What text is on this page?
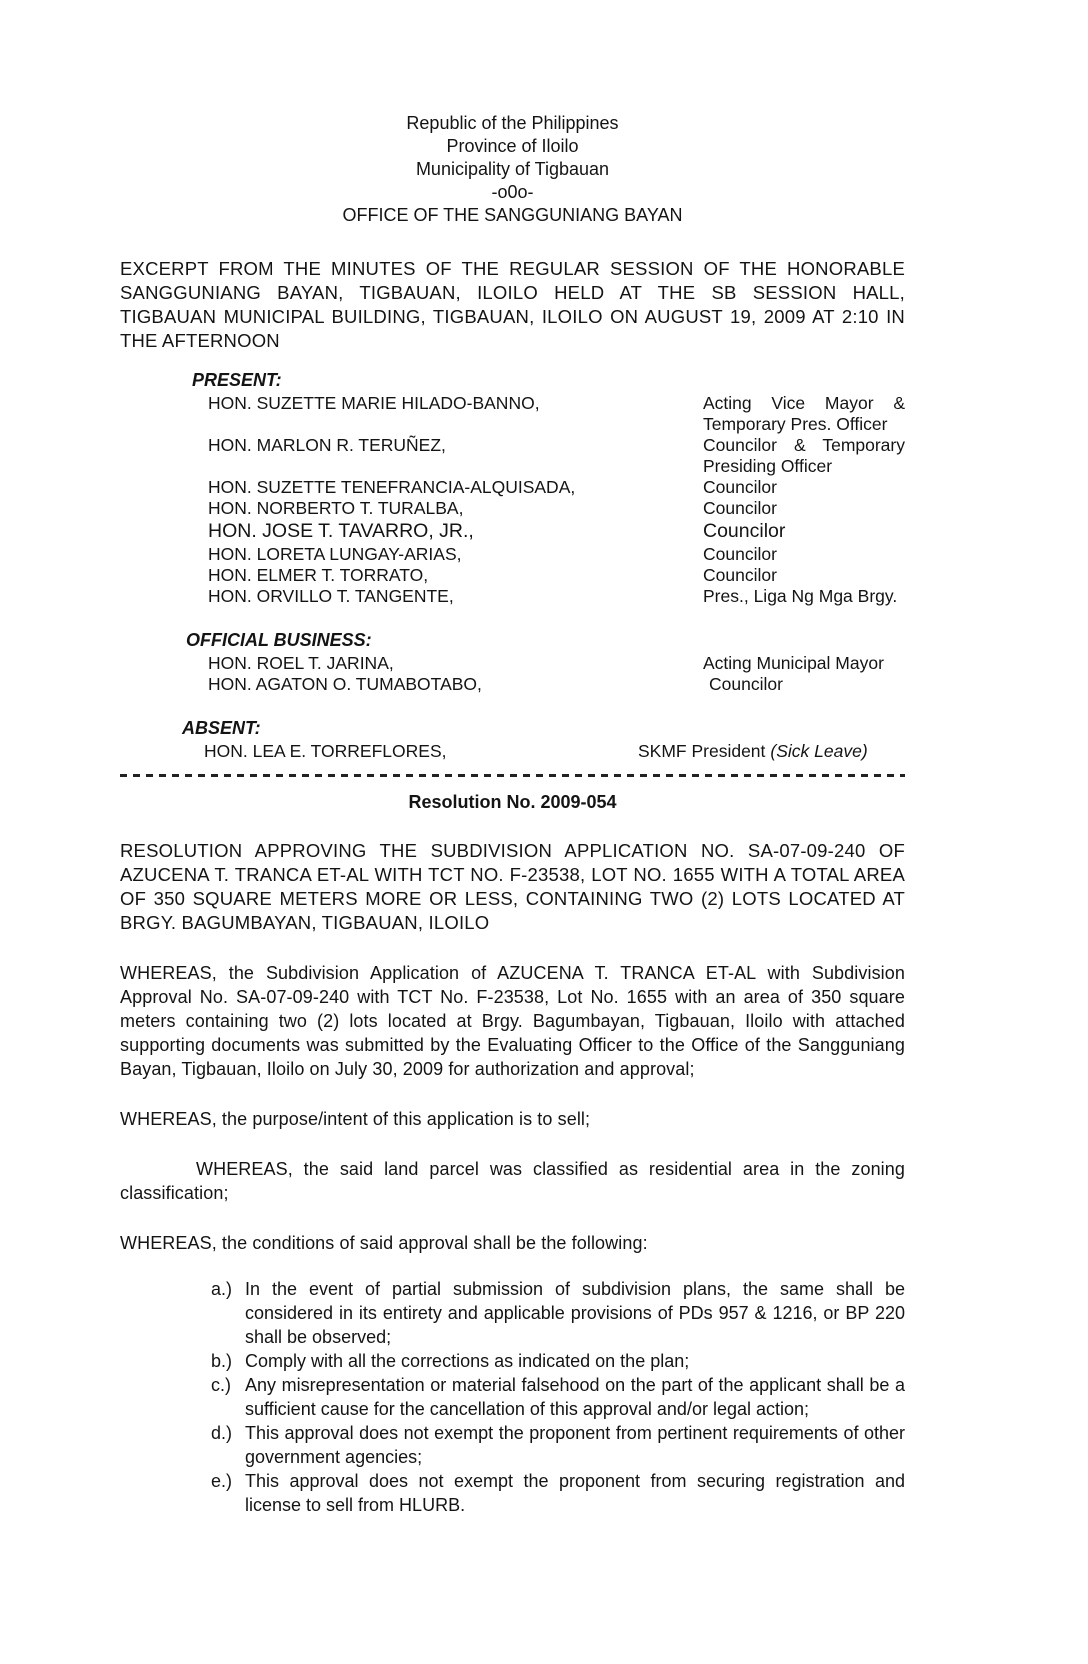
Republic of the Philippines
Province of Iloilo
Municipality of Tigbauan
-o0o-
OFFICE OF THE SANGGUNIANG BAYAN
EXCERPT FROM THE MINUTES OF THE REGULAR SESSION OF THE HONORABLE SANGGUNIANG BAYAN, TIGBAUAN, ILOILO HELD AT THE SB SESSION HALL, TIGBAUAN MUNICIPAL BUILDING, TIGBAUAN, ILOILO ON AUGUST 19, 2009 AT 2:10 IN THE AFTERNOON
PRESENT:
HON. SUZETTE MARIE HILADO-BANNO,	Acting Vice Mayor & Temporary Pres. Officer
HON. MARLON R. TERUÑEZ,	Councilor & Temporary Presiding Officer
HON. SUZETTE TENEFRANCIA-ALQUISADA,	Councilor
HON. NORBERTO T. TURALBA,	Councilor
HON. JOSE T. TAVARRO, JR.,	Councilor
HON. LORETA LUNGAY-ARIAS,	Councilor
HON. ELMER T. TORRATO,	Councilor
HON. ORVILLO T. TANGENTE,	Pres., Liga Ng Mga Brgy.
OFFICIAL BUSINESS:
HON. ROEL T. JARINA,	Acting Municipal Mayor
HON. AGATON O. TUMABOTABO,	Councilor
ABSENT:
HON. LEA E. TORREFLORES,	SKMF President (Sick Leave)
Resolution No. 2009-054
RESOLUTION APPROVING THE SUBDIVISION APPLICATION NO. SA-07-09-240 OF AZUCENA T. TRANCA ET-AL WITH TCT NO. F-23538, LOT NO. 1655 WITH A TOTAL AREA OF 350 SQUARE METERS MORE OR LESS, CONTAINING TWO (2) LOTS LOCATED AT BRGY. BAGUMBAYAN, TIGBAUAN, ILOILO
WHEREAS, the Subdivision Application of AZUCENA T. TRANCA ET-AL with Subdivision Approval No. SA-07-09-240 with TCT No. F-23538, Lot No. 1655 with an area of 350 square meters containing two (2) lots located at Brgy. Bagumbayan, Tigbauan, Iloilo with attached supporting documents was submitted by the Evaluating Officer to the Office of the Sangguniang Bayan, Tigbauan, Iloilo on July 30, 2009 for authorization and approval;
WHEREAS, the purpose/intent of this application is to sell;
WHEREAS, the said land parcel was classified as residential area in the zoning classification;
WHEREAS, the conditions of said approval shall be the following:
a.) In the event of partial submission of subdivision plans, the same shall be considered in its entirety and applicable provisions of PDs 957 & 1216, or BP 220 shall be observed;
b.) Comply with all the corrections as indicated on the plan;
c.) Any misrepresentation or material falsehood on the part of the applicant shall be a sufficient cause for the cancellation of this approval and/or legal action;
d.) This approval does not exempt the proponent from pertinent requirements of other government agencies;
e.) This approval does not exempt the proponent from securing registration and license to sell from HLURB.
